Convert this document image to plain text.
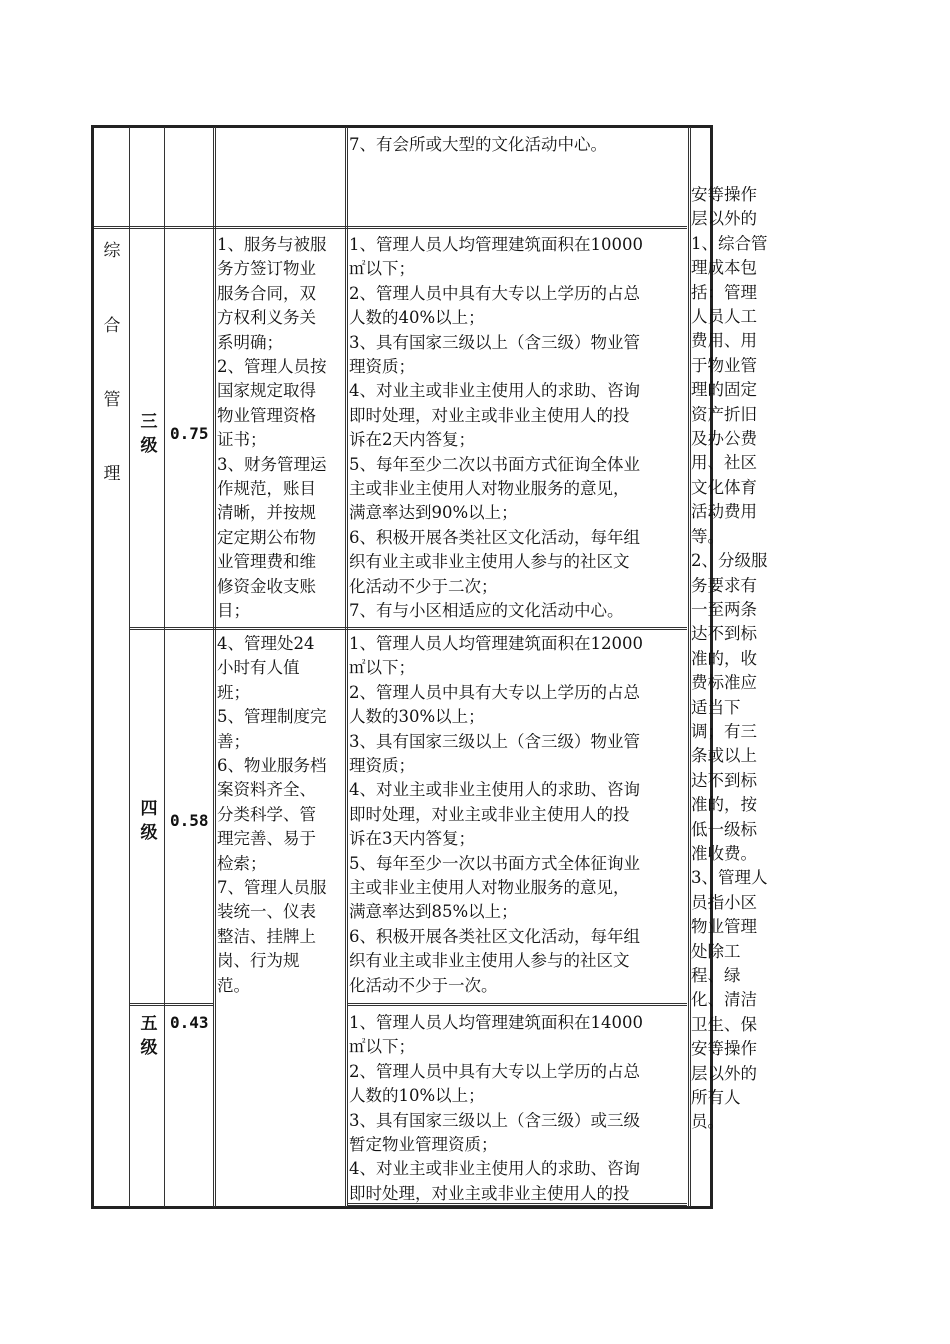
7、有会所或大型的文化活动中心。
综
合
管
理
三
级
四
级
五
级
0.75
0.58
0.43
1、服务与被服
务方签订物业
服务合同，双
方权利义务关
系明确；
2、管理人员按
国家规定取得
物业管理资格
证书；
3、财务管理运
作规范，账目
清晰，并按规
定定期公布物
业管理费和维
修资金收支账
目；
4、管理处24
小时有人值
班；
5、管理制度完
善；
6、物业服务档
案资料齐全、
分类科学、管
理完善、易于
检索；
7、管理人员服
装统一、仪表
整洁、挂牌上
岗、行为规
范。
1、管理人员人均管理建筑面积在10000
㎡以下；
2、管理人员中具有大专以上学历的占总
人数的40%以上；
3、具有国家三级以上（含三级）物业管
理资质；
4、对业主或非业主使用人的求助、咨询
即时处理，对业主或非业主使用人的投
诉在2天内答复；
5、每年至少二次以书面方式征询全体业
主或非业主使用人对物业服务的意见，
满意率达到90%以上；
6、积极开展各类社区文化活动，每年组
织有业主或非业主使用人参与的社区文
化活动不少于二次；
7、有与小区相适应的文化活动中心。
1、管理人员人均管理建筑面积在12000
㎡以下；
2、管理人员中具有大专以上学历的占总
人数的30%以上；
3、具有国家三级以上（含三级）物业管
理资质；
4、对业主或非业主使用人的求助、咨询
即时处理，对业主或非业主使用人的投
诉在3天内答复；
5、每年至少一次以书面方式全体征询业
主或非业主使用人对物业服务的意见，
满意率达到85%以上；
6、积极开展各类社区文化活动，每年组
织有业主或非业主使用人参与的社区文
化活动不少于一次。
1、管理人员人均管理建筑面积在14000
㎡以下；
2、管理人员中具有大专以上学历的占总
人数的10%以上；
3、具有国家三级以上（含三级）或三级
暂定物业管理资质；
4、对业主或非业主使用人的求助、咨询
即时处理，对业主或非业主使用人的投
安等操作
层以外的
1、综合管
理成本包
括：管理
人员人工
费用、用
于物业管
理的固定
资产折旧
及办公费
用、社区
文化体育
活动费用
等。
2、分级服
务要求有
一至两条
达不到标
准的，收
费标准应
适当下
调；有三
条或以上
达不到标
准的，按
低一级标
准收费。
3、管理人
员指小区
物业管理
处除工
程、绿
化、清洁
卫生、保
安等操作
层以外的
所有人
员。
